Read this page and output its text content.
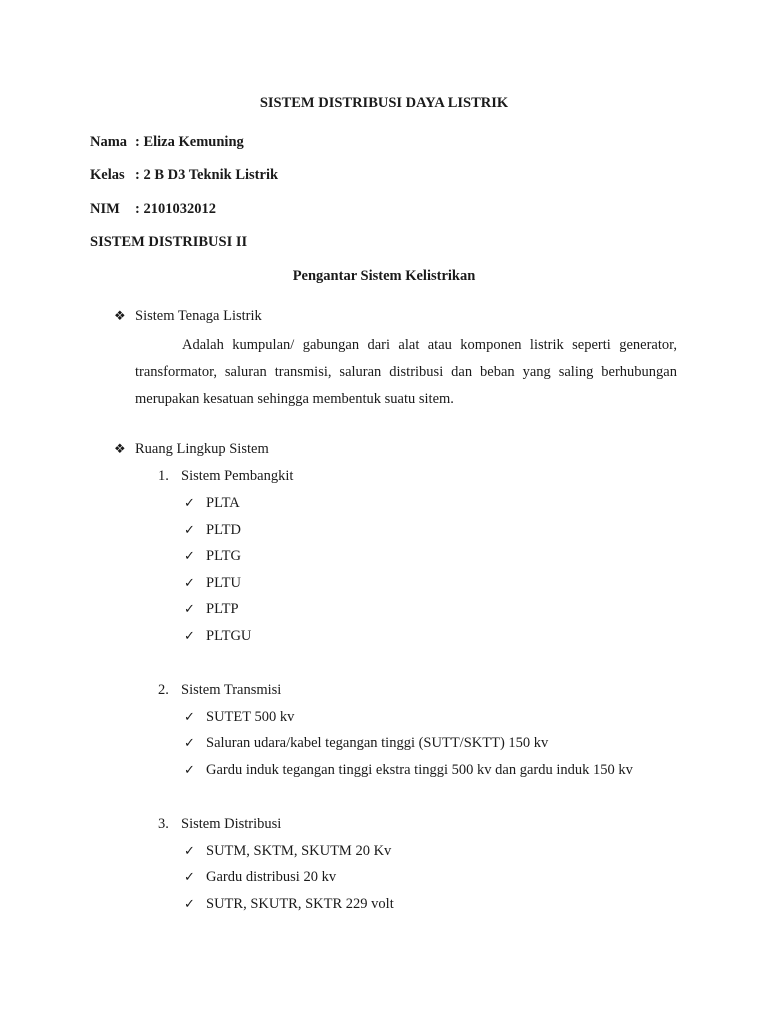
SISTEM DISTRIBUSI DAYA LISTRIK
Nama : Eliza Kemuning
Kelas : 2 B D3 Teknik Listrik
NIM : 2101032012
SISTEM DISTRIBUSI II
Pengantar Sistem Kelistrikan
❖ Sistem Tenaga Listrik
Adalah kumpulan/ gabungan dari alat atau komponen listrik seperti generator, transformator, saluran transmisi, saluran distribusi dan beban yang saling berhubungan merupakan kesatuan sehingga membentuk suatu sitem.
❖ Ruang Lingkup Sistem
1. Sistem Pembangkit
✓ PLTA
✓ PLTD
✓ PLTG
✓ PLTU
✓ PLTP
✓ PLTGU
2. Sistem Transmisi
✓ SUTET 500 kv
✓ Saluran udara/kabel tegangan tinggi (SUTT/SKTT) 150 kv
✓ Gardu induk tegangan tinggi ekstra tinggi 500 kv dan gardu induk 150 kv
3. Sistem Distribusi
✓ SUTM, SKTM, SKUTM 20 Kv
✓ Gardu distribusi 20 kv
✓ SUTR, SKUTR, SKTR 229 volt
